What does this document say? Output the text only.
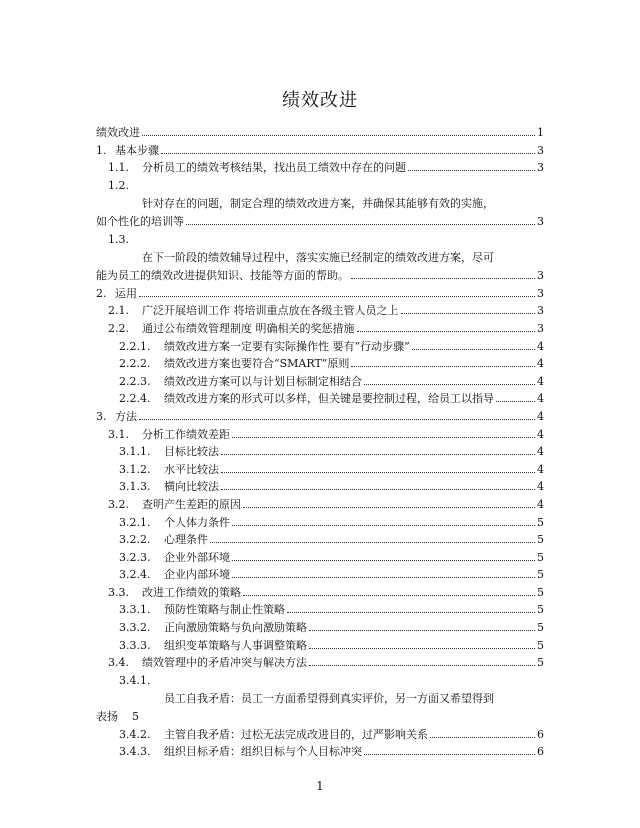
绩效改进
绩效改进	1
1. 基本步骤	3
1.1. 分析员工的绩效考核结果，找出员工绩效中存在的问题	3
1.2.
针对存在的问题，制定合理的绩效改进方案，并确保其能够有效的实施，
如个性化的培训等	3
1.3.
在下一阶段的绩效辅导过程中，落实实施已经制定的绩效改进方案，尽可
能为员工的绩效改进提供知识、技能等方面的帮助。	3
2. 运用	3
2.1. 广泛开展培训工作 将培训重点放在各级主管人员之上	3
2.2. 通过公布绩效管理制度 明确相关的奖惩措施	3
2.2.1. 绩效改进方案一定要有实际操作性 要有“行动步骤”	4
2.2.2. 绩效改进方案也要符合“SMART”原则	4
2.2.3. 绩效改进方案可以与计划目标制定相结合	4
2.2.4. 绩效改进方案的形式可以多样，但关键是要控制过程，给员工以指导	4
3. 方法	4
3.1. 分析工作绩效差距	4
3.1.1. 目标比较法	4
3.1.2. 水平比较法	4
3.1.3. 横向比较法	4
3.2. 查明产生差距的原因	4
3.2.1. 个人体力条件	5
3.2.2. 心理条件	5
3.2.3. 企业外部环境	5
3.2.4. 企业内部环境	5
3.3. 改进工作绩效的策略	5
3.3.1. 预防性策略与制止性策略	5
3.3.2. 正向激励策略与负向激励策略	5
3.3.3. 组织变革策略与人事调整策略	5
3.4. 绩效管理中的矛盾冲突与解决方法	5
3.4.1.
员工自我矛盾：员工一方面希望得到真实评价，另一方面又希望得到
表扬 5
3.4.2. 主管自我矛盾：过松无法完成改进目的，过严影响关系	6
3.4.3. 组织目标矛盾：组织目标与个人目标冲突	6
1
